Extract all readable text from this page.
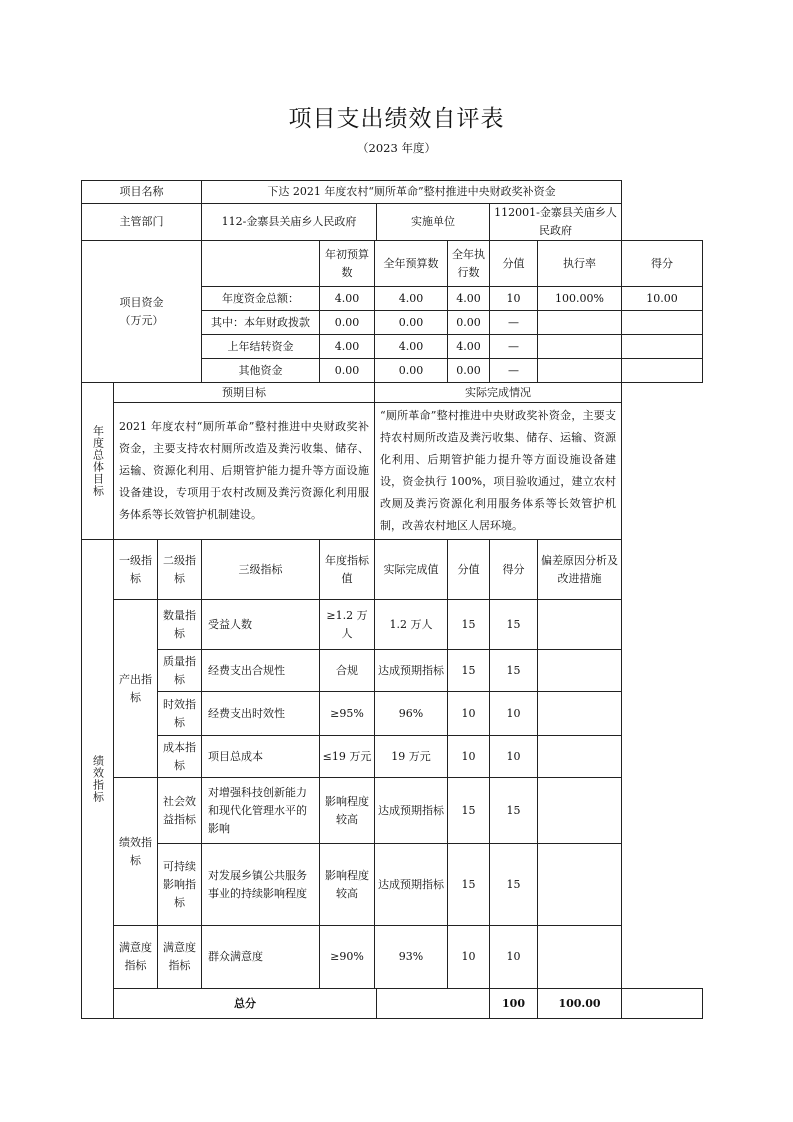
项目支出绩效自评表
（2023 年度）
项目名称			下达 2021 年度农村“厕所革命”整村推进中央财政奖补资金							
主管部门			112-金寨县关庙乡人民政府			实施单位		112001-金寨县关庙乡人民政府		

项目资金
（万元）				年初预算数	全年预算数		全年执行数	分值	执行率	得分
			年度资金总额：	4.00	4.00		4.00	10	100.00%	10.00
			其中：本年财政拨款	0.00	0.00		0.00	—		
			上年结转资金	4.00	4.00		4.00	—		
			其他资金	0.00	0.00		0.00	—		

年度总体目标	预期目标				实际完成情况					
	2021 年度农村“厕所革命”整村推进中央财政奖补资金，主要支持农村厕所改造及粪污收集、储存、运输、资源化利用、后期管护能力提升等方面设施设备建设，专项用于农村改厕及粪污资源化利用服务体系等长效管护机制建设。				“厕所革命”整村推进中央财政奖补资金，主要支持农村厕所改造及粪污收集、储存、运输、资源化利用、后期管护能力提升等方面设施设备建设，资金执行 100%，项目验收通过，建立农村改厕及粪污资源化利用服务体系等长效管护机制，改善农村地区人居环境。					

绩效指标	一级指标	二级指标	三级指标	年度指标值	实际完成值		分值	得分	偏差原因分析及改进措施	
	产出指标	数量指标	受益人数	≥1.2 万人	1.2 万人		15	15		
		质量指标	经费支出合规性	合规	达成预期指标		15	15		
		时效指标	经费支出时效性	≥95%	96%		10	10		
		成本指标	项目总成本	≤19 万元	19 万元		10	10		
	绩效指标	社会效益指标	对增强科技创新能力和现代化管理水平的影响	影响程度较高	达成预期指标		15	15		
		可持续影响指标	对发展乡镇公共服务事业的持续影响程度	影响程度较高	达成预期指标		15	15		
	满意度指标	满意度指标	群众满意度	≥90%	93%		10	10		
	总分							100	100.00	
